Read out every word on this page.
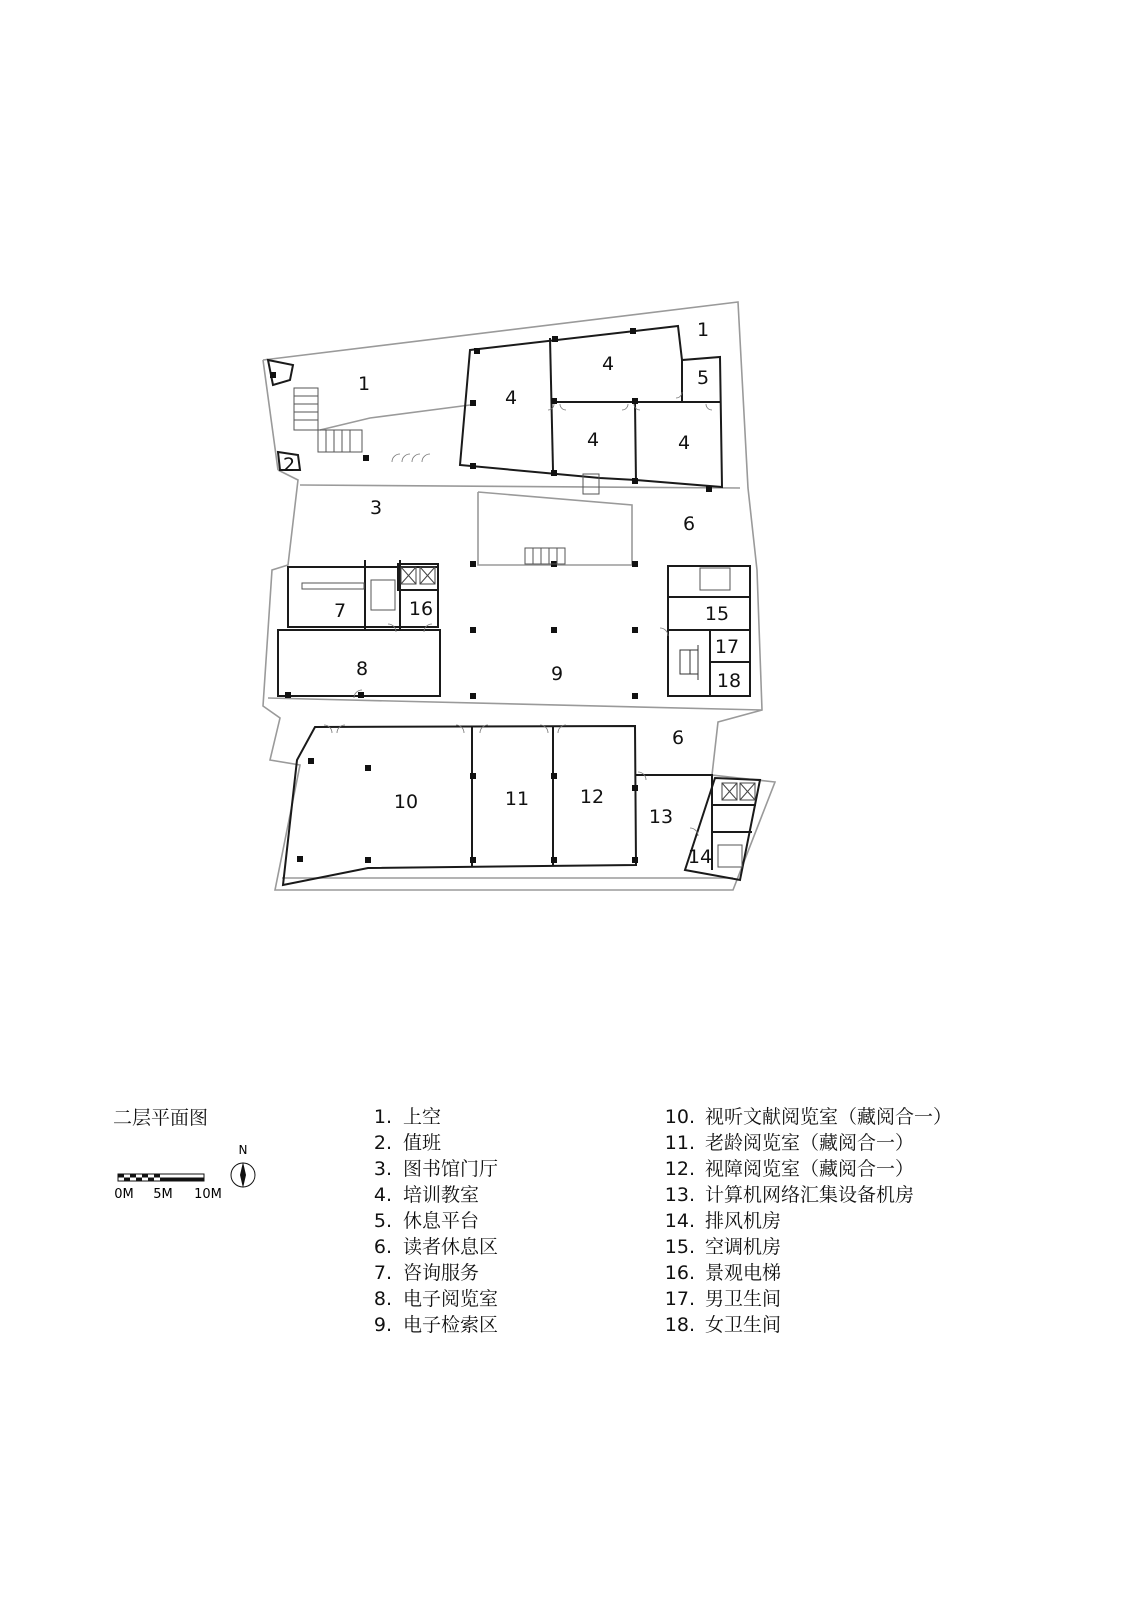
1
1
2
3
4
4
4	4
5
6
6
7
8	9
10	11	12
13
14
15
16
17
18
二层平面图
N
0M 5M 10M
1. 上空
2. 值班
3. 图书馆门厅
4. 培训教室
5. 休息平台
6. 读者休息区
7. 咨询服务
8. 电子阅览室
9. 电子检索区
10. 视听文献阅览室（藏阅合一）
11. 老龄阅览室（藏阅合一）
12. 视障阅览室（藏阅合一）
13. 计算机网络汇集设备机房
14. 排风机房
15. 空调机房
16. 景观电梯
17. 男卫生间
18. 女卫生间
